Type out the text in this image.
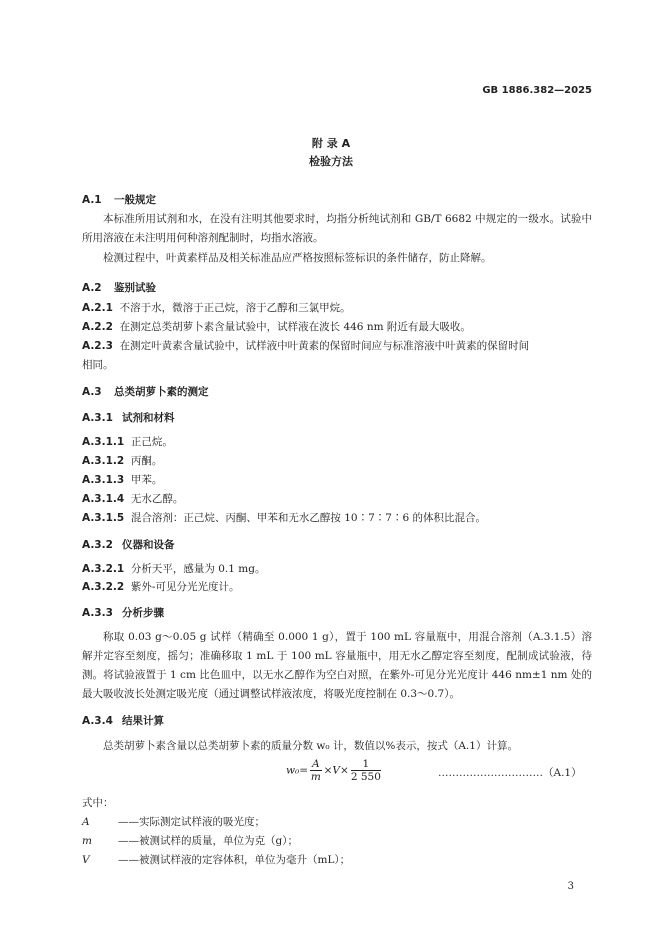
GB 1886.382—2025
附 录 A
检验方法
A.1 一般规定
本标准所用试剂和水，在没有注明其他要求时，均指分析纯试剂和 GB/T 6682 中规定的一级水。试验中所用溶液在未注明用何种溶剂配制时，均指水溶液。
检测过程中，叶黄素样品及相关标准品应严格按照标签标识的条件储存，防止降解。
A.2 鉴别试验
A.2.1 不溶于水，微溶于正己烷，溶于乙醇和三氯甲烷。
A.2.2 在测定总类胡萝卜素含量试验中，试样液在波长 446 nm 附近有最大吸收。
A.2.3 在测定叶黄素含量试验中，试样液中叶黄素的保留时间应与标准溶液中叶黄素的保留时间
相同。
A.3 总类胡萝卜素的测定
A.3.1 试剂和材料
A.3.1.1 正己烷。
A.3.1.2 丙酮。
A.3.1.3 甲苯。
A.3.1.4 无水乙醇。
A.3.1.5 混合溶剂：正己烷、丙酮、甲苯和无水乙醇按 10∶7∶7∶6 的体积比混合。
A.3.2 仪器和设备
A.3.2.1 分析天平，感量为 0.1 mg。
A.3.2.2 紫外-可见分光光度计。
A.3.3 分析步骤
称取 0.03 g～0.05 g 试样（精确至 0.000 1 g），置于 100 mL 容量瓶中，用混合溶剂（A.3.1.5）溶解并定容至刻度，摇匀；准确移取 1 mL 于 100 mL 容量瓶中，用无水乙醇定容至刻度，配制成试验液，待测。将试验液置于 1 cm 比色皿中，以无水乙醇作为空白对照，在紫外-可见分光光度计 446 nm±1 nm 处的最大吸收波长处测定吸光度（通过调整试样液浓度，将吸光度控制在 0.3～0.7）。
A.3.4 结果计算
总类胡萝卜素含量以总类胡萝卜素的质量分数 w₀ 计，数值以%表示，按式（A.1）计算。
$w_0= \frac{A}{m} \times V\times \frac{1}{2 550}$	…………………………（A.1）
式中：
A	——实际测定试样液的吸光度；
m ——被测试样的质量，单位为克（g）；
V	——被测试样液的定容体积，单位为毫升（mL）；
3
